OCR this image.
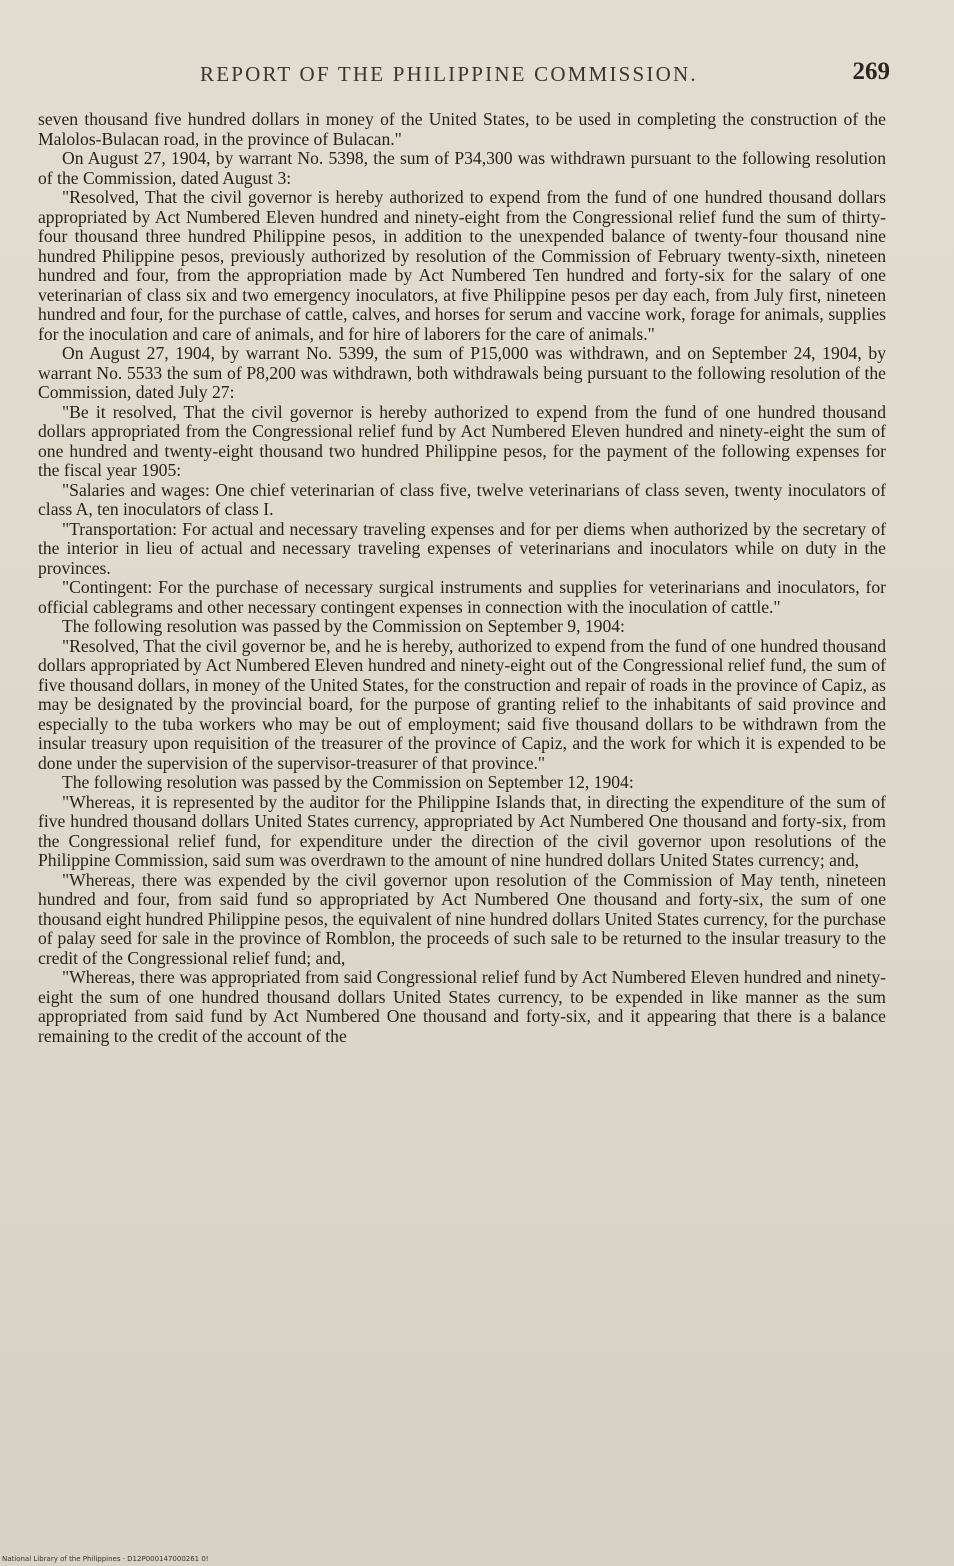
REPORT OF THE PHILIPPINE COMMISSION.	269

seven thousand five hundred dollars in money of the United States, to be used in completing the construction of the Malolos-Bulacan road, in the province of Bulacan."

On August 27, 1904, by warrant No. 5398, the sum of P34,300 was withdrawn pursuant to the following resolution of the Commission, dated August 3:

"Resolved, That the civil governor is hereby authorized to expend from the fund of one hundred thousand dollars appropriated by Act Numbered Eleven hundred and ninety-eight from the Congressional relief fund the sum of thirty-four thousand three hundred Philippine pesos, in addition to the unexpended balance of twenty-four thousand nine hundred Philippine pesos, previously authorized by resolution of the Commission of February twenty-sixth, nineteen hundred and four, from the appropriation made by Act Numbered Ten hundred and forty-six for the salary of one veterinarian of class six and two emergency inoculators, at five Philippine pesos per day each, from July first, nineteen hundred and four, for the purchase of cattle, calves, and horses for serum and vaccine work, forage for animals, supplies for the inoculation and care of animals, and for hire of laborers for the care of animals."

On August 27, 1904, by warrant No. 5399, the sum of P15,000 was withdrawn, and on September 24, 1904, by warrant No. 5533 the sum of P8,200 was withdrawn, both withdrawals being pursuant to the following resolution of the Commission, dated July 27:

"Be it resolved, That the civil governor is hereby authorized to expend from the fund of one hundred thousand dollars appropriated from the Congressional relief fund by Act Numbered Eleven hundred and ninety-eight the sum of one hundred and twenty-eight thousand two hundred Philippine pesos, for the payment of the following expenses for the fiscal year 1905:

"Salaries and wages: One chief veterinarian of class five, twelve veterinarians of class seven, twenty inoculators of class A, ten inoculators of class I.

"Transportation: For actual and necessary traveling expenses and for per diems when authorized by the secretary of the interior in lieu of actual and necessary traveling expenses of veterinarians and inoculators while on duty in the provinces.

"Contingent: For the purchase of necessary surgical instruments and supplies for veterinarians and inoculators, for official cablegrams and other necessary contingent expenses in connection with the inoculation of cattle."

The following resolution was passed by the Commission on September 9, 1904:

"Resolved, That the civil governor be, and he is hereby, authorized to expend from the fund of one hundred thousand dollars appropriated by Act Numbered Eleven hundred and ninety-eight out of the Congressional relief fund, the sum of five thousand dollars, in money of the United States, for the construction and repair of roads in the province of Capiz, as may be designated by the provincial board, for the purpose of granting relief to the inhabitants of said province and especially to the tuba workers who may be out of employment; said five thousand dollars to be withdrawn from the insular treasury upon requisition of the treasurer of the province of Capiz, and the work for which it is expended to be done under the supervision of the supervisor-treasurer of that province."

The following resolution was passed by the Commission on September 12, 1904:

"Whereas, it is represented by the auditor for the Philippine Islands that, in directing the expenditure of the sum of five hundred thousand dollars United States currency, appropriated by Act Numbered One thousand and forty-six, from the Congressional relief fund, for expenditure under the direction of the civil governor upon resolutions of the Philippine Commission, said sum was overdrawn to the amount of nine hundred dollars United States currency; and,

"Whereas, there was expended by the civil governor upon resolution of the Commission of May tenth, nineteen hundred and four, from said fund so appropriated by Act Numbered One thousand and forty-six, the sum of one thousand eight hundred Philippine pesos, the equivalent of nine hundred dollars United States currency, for the purchase of palay seed for sale in the province of Romblon, the proceeds of such sale to be returned to the insular treasury to the credit of the Congressional relief fund; and,

"Whereas, there was appropriated from said Congressional relief fund by Act Numbered Eleven hundred and ninety-eight the sum of one hundred thousand dollars United States currency, to be expended in like manner as the sum appropriated from said fund by Act Numbered One thousand and forty-six, and it appearing that there is a balance remaining to the credit of the account of the

National Library of the Philippines · D12P000147000261 0!
